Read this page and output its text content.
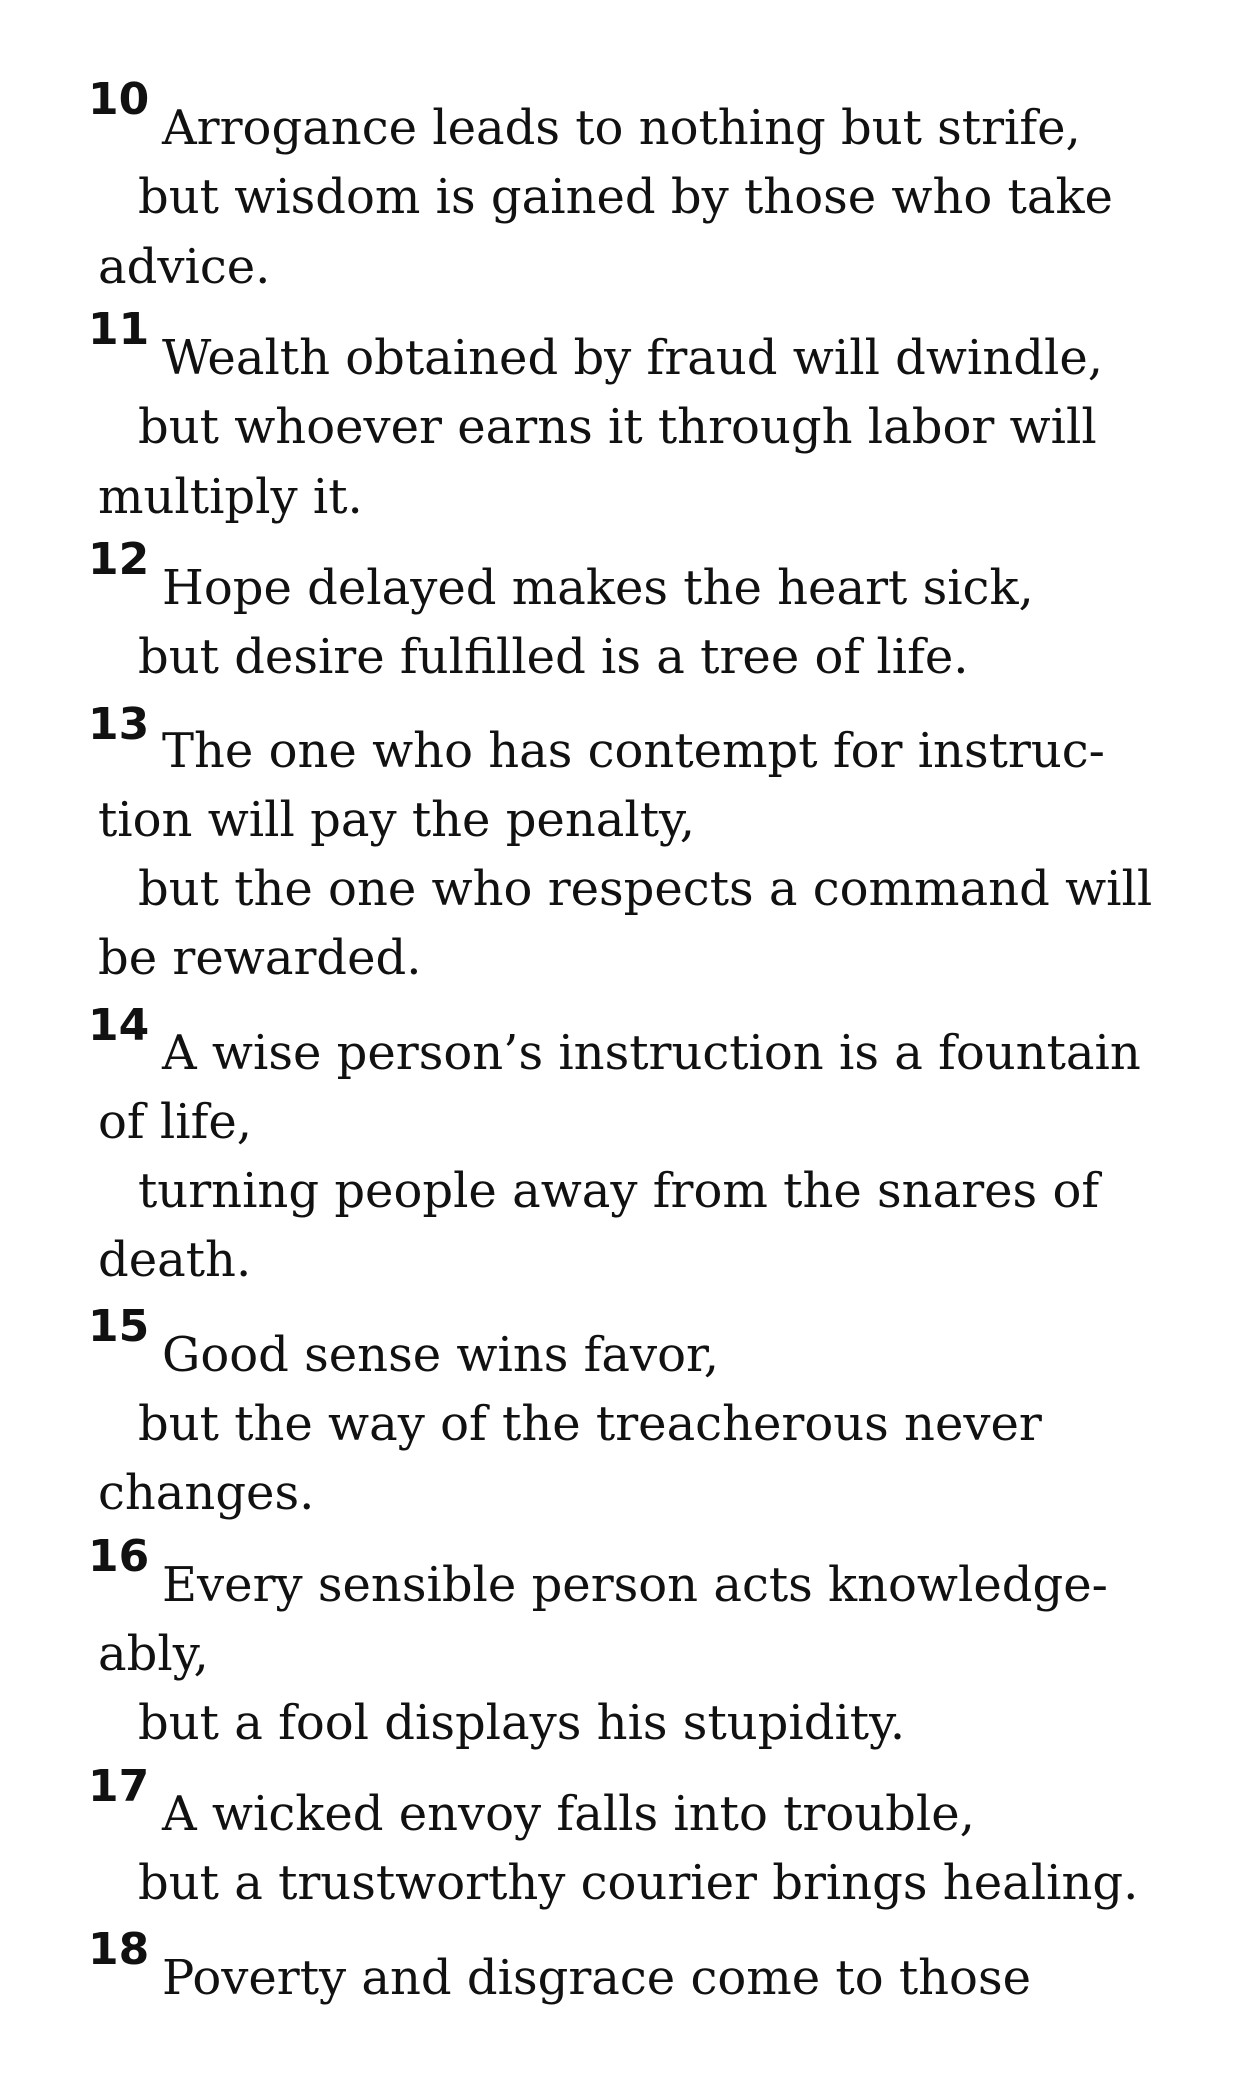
10
Arrogance leads to nothing but strife,
but wisdom is gained by those who take
advice.
11
Wealth obtained by fraud will dwindle,
but whoever earns it through labor will
multiply it.
12
Hope delayed makes the heart sick,
but desire fulfilled is a tree of life.
13 The one who has contempt for instruc-
tion will pay the penalty,
but the one who respects a command will
be rewarded.
14 A wise person’s instruction is a fountain
of life,
turning people away from the snares of
death.
15
Good sense wins favor,
but the way of the treacherous never
changes.
16
Every sensible person acts knowledge-
ably,
but a fool displays his stupidity.
17 A wicked envoy falls into trouble,
but a trustworthy courier brings healing.
18
Poverty and disgrace come to those
